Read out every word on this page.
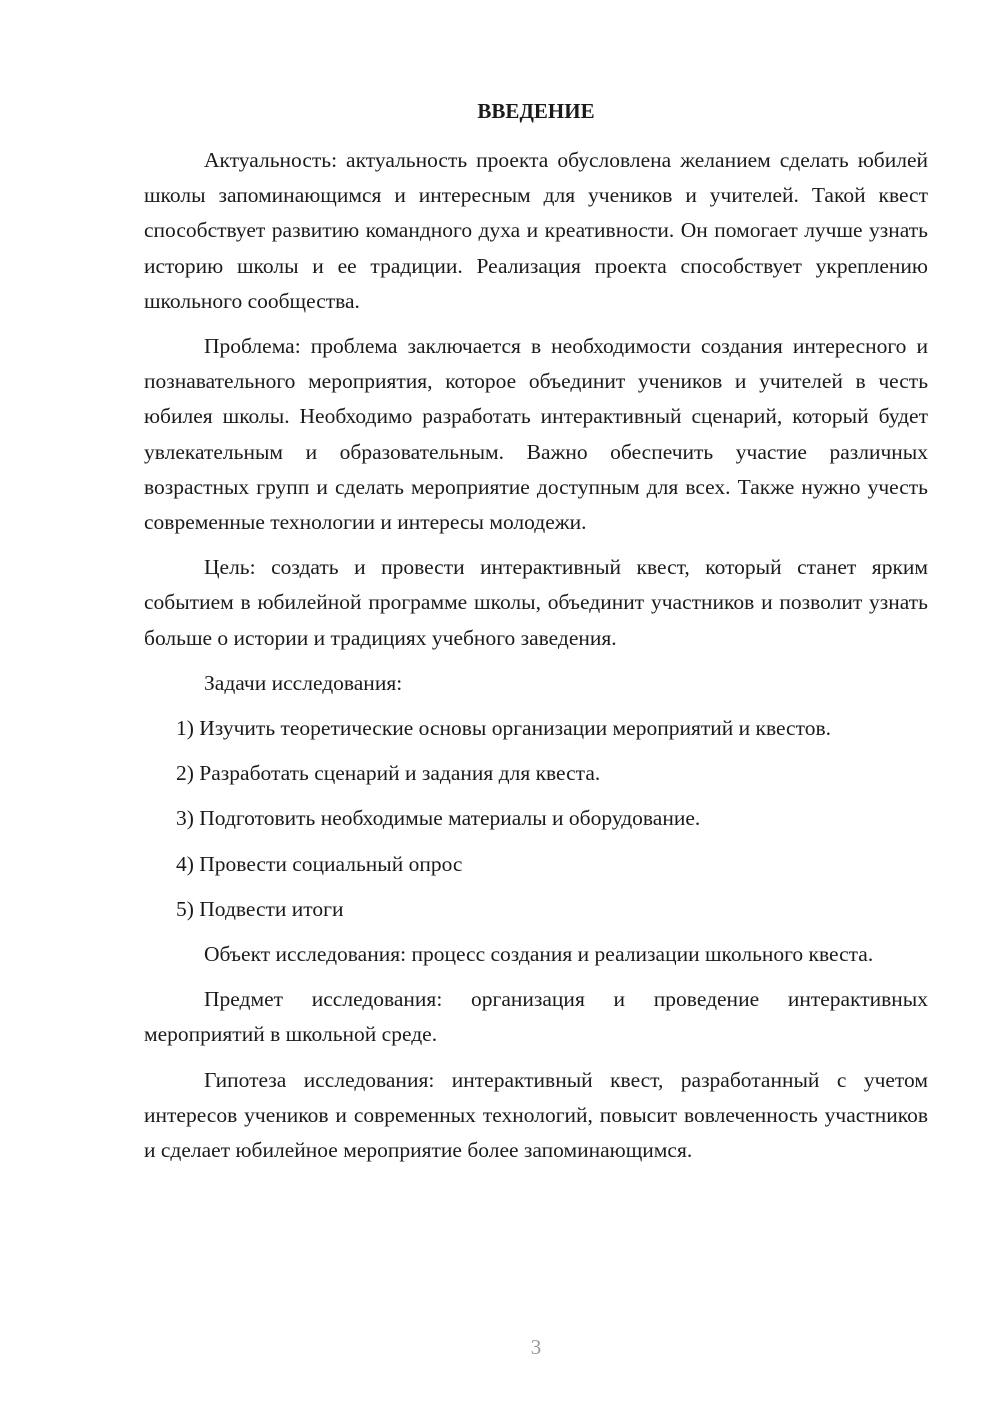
ВВЕДЕНИЕ

Актуальность: актуальность проекта обусловлена желанием сделать юбилей школы запоминающимся и интересным для учеников и учителей. Такой квест способствует развитию командного духа и креативности. Он помогает лучше узнать историю школы и ее традиции. Реализация проекта способствует укреплению школьного сообщества.

Проблема: проблема заключается в необходимости создания интересного и познавательного мероприятия, которое объединит учеников и учителей в честь юбилея школы. Необходимо разработать интерактивный сценарий, который будет увлекательным и образовательным. Важно обеспечить участие различных возрастных групп и сделать мероприятие доступным для всех. Также нужно учесть современные технологии и интересы молодежи.

Цель: создать и провести интерактивный квест, который станет ярким событием в юбилейной программе школы, объединит участников и позволит узнать больше о истории и традициях учебного заведения.

Задачи исследования:

1) Изучить теоретические основы организации мероприятий и квестов.

2) Разработать сценарий и задания для квеста.

3) Подготовить необходимые материалы и оборудование.

4) Провести социальный опрос

5) Подвести итоги

Объект исследования: процесс создания и реализации школьного квеста.

Предмет исследования: организация и проведение интерактивных мероприятий в школьной среде.

Гипотеза исследования: интерактивный квест, разработанный с учетом интересов учеников и современных технологий, повысит вовлеченность участников и сделает юбилейное мероприятие более запоминающимся.

3
